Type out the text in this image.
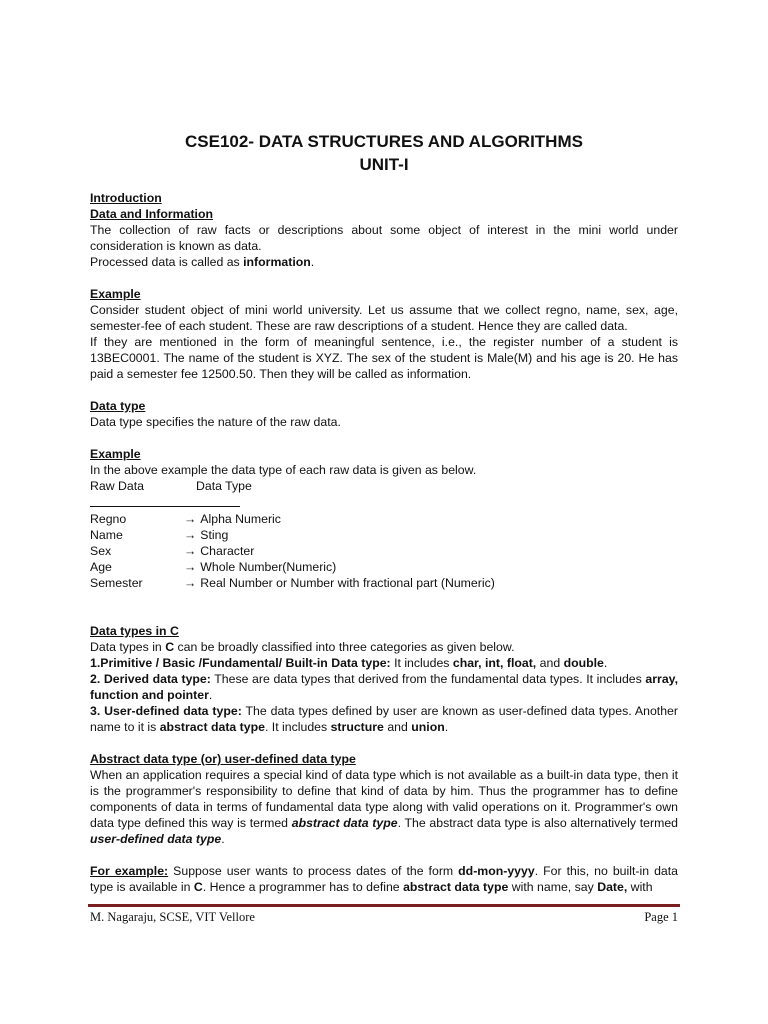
CSE102- DATA STRUCTURES AND ALGORITHMS
UNIT-I

Introduction

Data and Information

The collection of raw facts or descriptions about some object of interest in the mini world under consideration is known as data.

Processed data is called as information.

Example

Consider student object of mini world university. Let us assume that we collect regno, name, sex, age, semester-fee of each student. These are raw descriptions of a student. Hence they are called data.

If they are mentioned in the form of meaningful sentence, i.e., the register number of a student is 13BEC0001. The name of the student is XYZ. The sex of the student is Male(M) and his age is 20. He has paid a semester fee 12500.50. Then they will be called as information.

Data type

Data type specifies the nature of the raw data.

Example

In the above example the data type of each raw data is given as below.

Raw Data	Data Type
Regno	→ Alpha Numeric
Name	→ Sting
Sex	→ Character
Age	→ Whole Number(Numeric)
Semester	→ Real Number or Number with fractional part (Numeric)

Data types in C

Data types in C can be broadly classified into three categories as given below.

1.Primitive / Basic /Fundamental/ Built-in Data type: It includes char, int, float, and double.

2. Derived data type: These are data types that derived from the fundamental data types. It includes array, function and pointer.

3. User-defined data type: The data types defined by user are known as user-defined data types. Another name to it is abstract data type. It includes structure and union.

Abstract data type (or) user-defined data type

When an application requires a special kind of data type which is not available as a built-in data type, then it is the programmer's responsibility to define that kind of data by him. Thus the programmer has to define components of data in terms of fundamental data type along with valid operations on it. Programmer's own data type defined this way is termed abstract data type. The abstract data type is also alternatively termed user-defined data type.

For example: Suppose user wants to process dates of the form dd-mon-yyyy. For this, no built-in data type is available in C. Hence a programmer has to define abstract data type with name, say Date, with

M. Nagaraju, SCSE, VIT Vellore	Page 1
